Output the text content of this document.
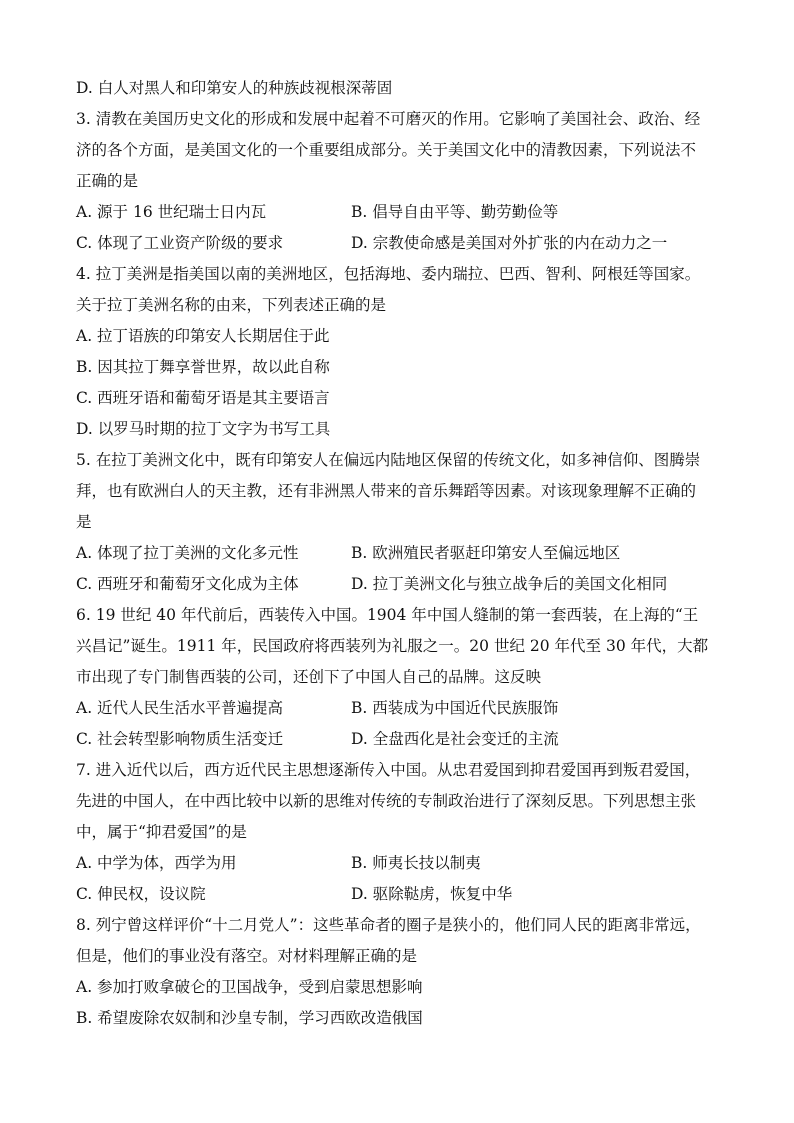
D. 白人对黑人和印第安人的种族歧视根深蒂固
3. 清教在美国历史文化的形成和发展中起着不可磨灭的作用。它影响了美国社会、政治、经
济的各个方面，是美国文化的一个重要组成部分。关于美国文化中的清教因素，下列说法不
正确的是
A. 源于 16 世纪瑞士日内瓦	B. 倡导自由平等、勤劳勤俭等
C. 体现了工业资产阶级的要求	D. 宗教使命感是美国对外扩张的内在动力之一
4. 拉丁美洲是指美国以南的美洲地区，包括海地、委内瑞拉、巴西、智利、阿根廷等国家。
关于拉丁美洲名称的由来，下列表述正确的是
A. 拉丁语族的印第安人长期居住于此
B. 因其拉丁舞享誉世界，故以此自称
C. 西班牙语和葡萄牙语是其主要语言
D. 以罗马时期的拉丁文字为书写工具
5. 在拉丁美洲文化中，既有印第安人在偏远内陆地区保留的传统文化，如多神信仰、图腾崇
拜，也有欧洲白人的天主教，还有非洲黑人带来的音乐舞蹈等因素。对该现象理解不正确的
是
A. 体现了拉丁美洲的文化多元性	B. 欧洲殖民者驱赶印第安人至偏远地区
C. 西班牙和葡萄牙文化成为主体	D. 拉丁美洲文化与独立战争后的美国文化相同
6. 19 世纪 40 年代前后，西装传入中国。1904 年中国人缝制的第一套西装，在上海的“王
兴昌记”诞生。1911 年，民国政府将西装列为礼服之一。20 世纪 20 年代至 30 年代，大都
市出现了专门制售西装的公司，还创下了中国人自己的品牌。这反映
A. 近代人民生活水平普遍提高	B. 西装成为中国近代民族服饰
C. 社会转型影响物质生活变迁	D. 全盘西化是社会变迁的主流
7. 进入近代以后，西方近代民主思想逐渐传入中国。从忠君爱国到抑君爱国再到叛君爱国，
先进的中国人，在中西比较中以新的思维对传统的专制政治进行了深刻反思。下列思想主张
中，属于“抑君爱国”的是
A. 中学为体，西学为用	B. 师夷长技以制夷
C. 伸民权，设议院	D. 驱除鞑虏，恢复中华
8. 列宁曾这样评价“十二月党人”：这些革命者的圈子是狭小的，他们同人民的距离非常远，
但是，他们的事业没有落空。对材料理解正确的是
A. 参加打败拿破仑的卫国战争，受到启蒙思想影响
B. 希望废除农奴制和沙皇专制，学习西欧改造俄国
